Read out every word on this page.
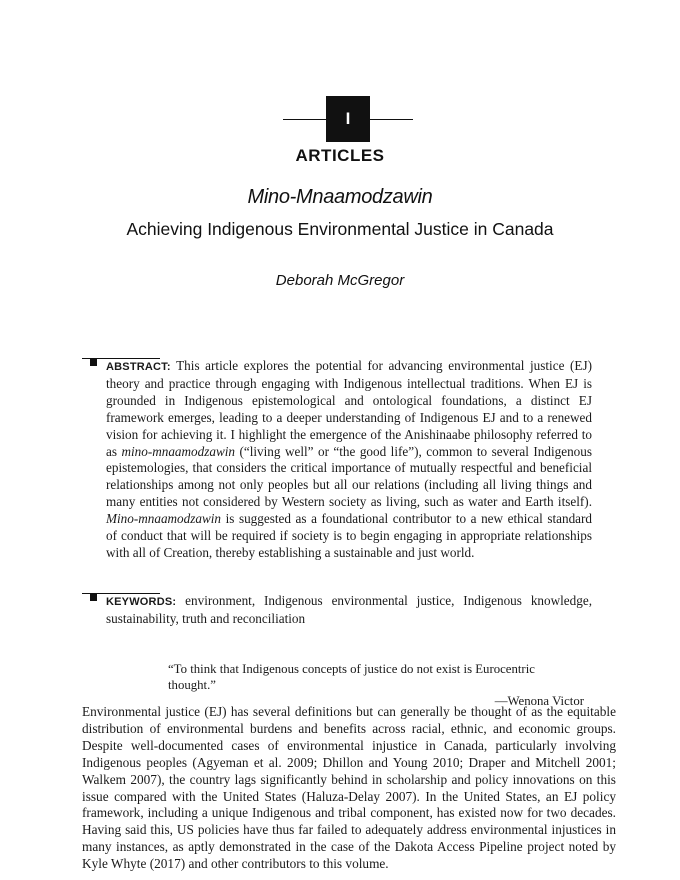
I
ARTICLES
Mino-Mnaamodzawin
Achieving Indigenous Environmental Justice in Canada
Deborah McGregor
ABSTRACT: This article explores the potential for advancing environmental justice (EJ) theory and practice through engaging with Indigenous intellectual traditions. When EJ is grounded in Indigenous epistemological and ontological foundations, a distinct EJ framework emerges, leading to a deeper understanding of Indigenous EJ and to a renewed vision for achieving it. I highlight the emergence of the Anishinaabe philosophy referred to as mino-mnaamodzawin (“living well” or “the good life”), common to several Indigenous epistemologies, that considers the critical importance of mutually respectful and beneficial relationships among not only peoples but all our relations (including all living things and many entities not considered by Western society as living, such as water and Earth itself). Mino-mnaamodzawin is suggested as a foundational contributor to a new ethical standard of conduct that will be required if society is to begin engaging in appropriate relationships with all of Creation, thereby establishing a sustainable and just world.
KEYWORDS: environment, Indigenous environmental justice, Indigenous knowledge, sustainability, truth and reconciliation
“To think that Indigenous concepts of justice do not exist is Eurocentric thought.”
—Wenona Victor
Environmental justice (EJ) has several definitions but can generally be thought of as the equitable distribution of environmental burdens and benefits across racial, ethnic, and economic groups. Despite well-documented cases of environmental injustice in Canada, particularly involving Indigenous peoples (Agyeman et al. 2009; Dhillon and Young 2010; Draper and Mitchell 2001; Walkem 2007), the country lags significantly behind in scholarship and policy innovations on this issue compared with the United States (Haluza-Delay 2007). In the United States, an EJ policy framework, including a unique Indigenous and tribal component, has existed now for two decades. Having said this, US policies have thus far failed to adequately address environmental injustices in many instances, as aptly demonstrated in the case of the Dakota Access Pipeline project noted by Kyle Whyte (2017) and other contributors to this volume.
